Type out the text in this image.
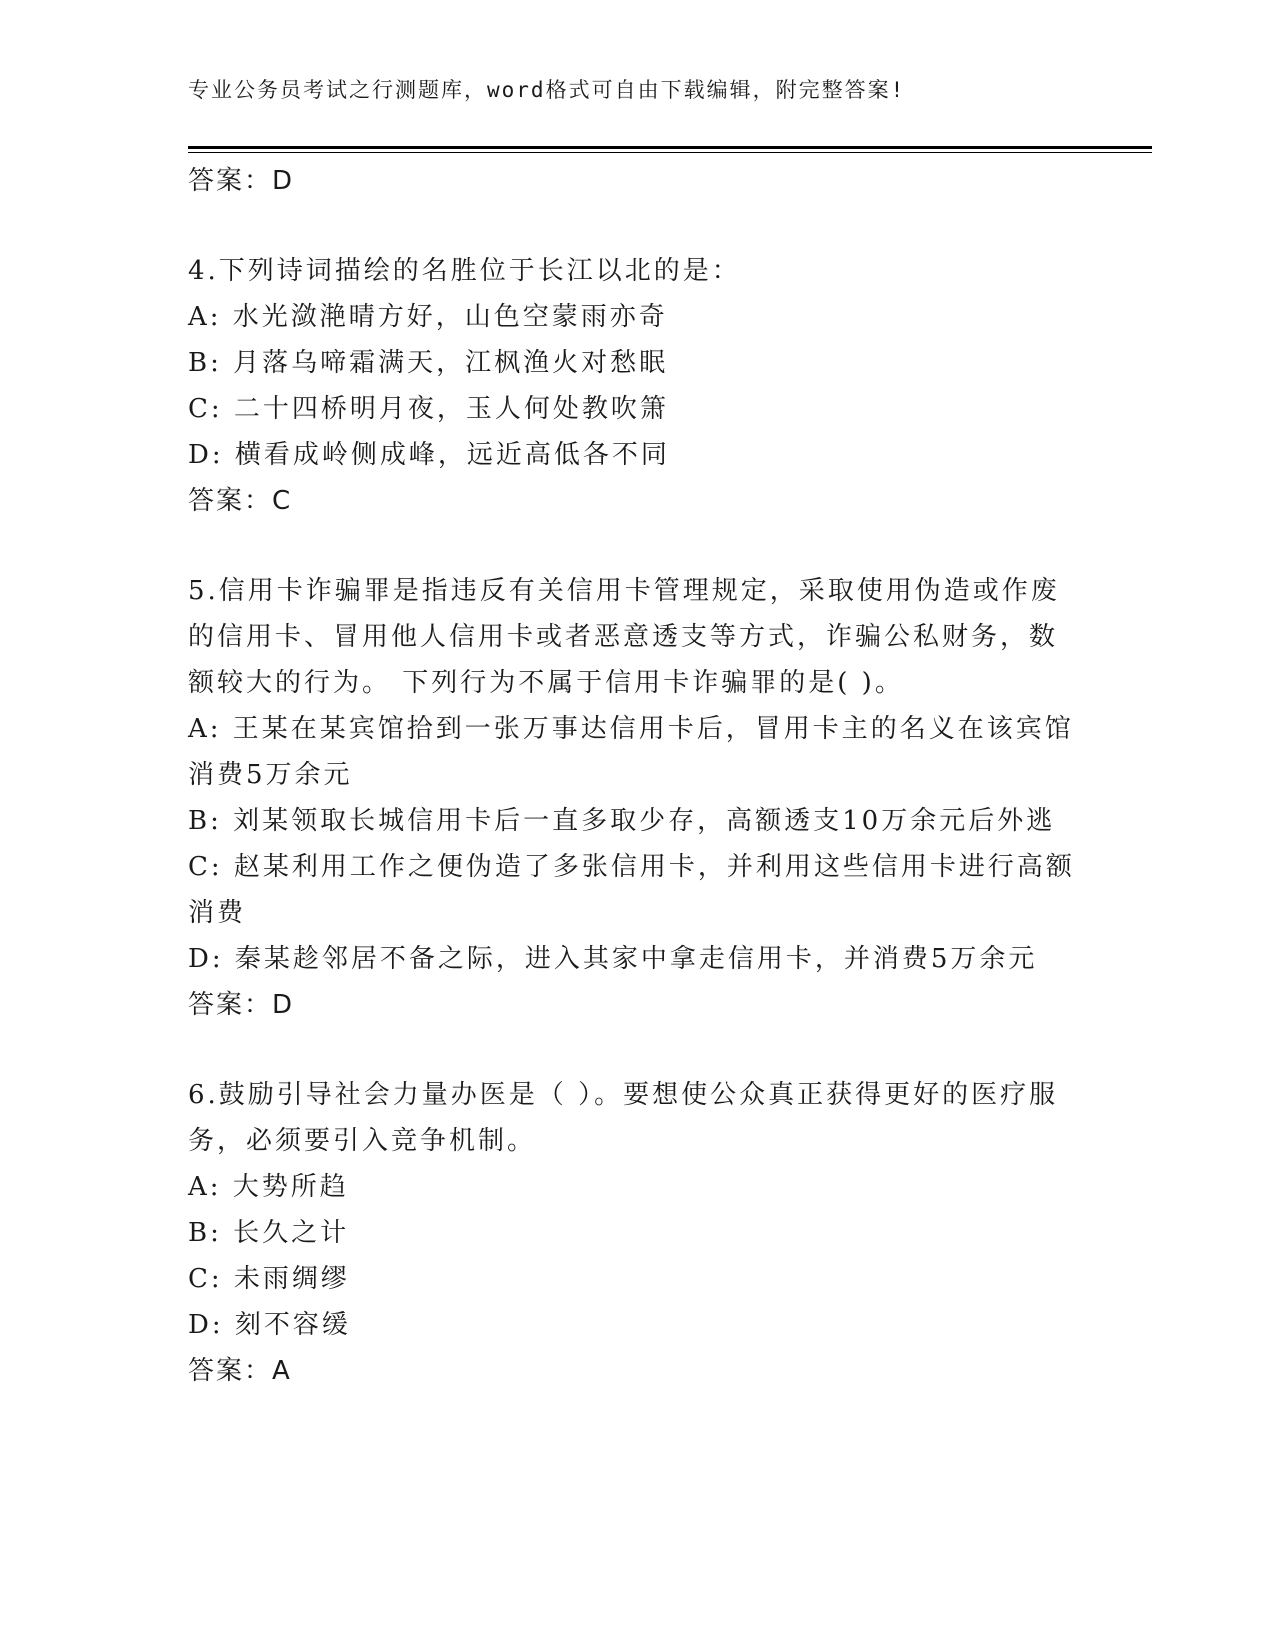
专业公务员考试之行测题库，word格式可自由下载编辑，附完整答案!
答案：D
4.下列诗词描绘的名胜位于长江以北的是：
A: 水光潋滟晴方好，山色空蒙雨亦奇
B: 月落乌啼霜满天，江枫渔火对愁眠
C: 二十四桥明月夜，玉人何处教吹箫
D: 横看成岭侧成峰，远近高低各不同
答案：C
5.信用卡诈骗罪是指违反有关信用卡管理规定，采取使用伪造或作废
的信用卡、冒用他人信用卡或者恶意透支等方式，诈骗公私财务，数
额较大的行为。 下列行为不属于信用卡诈骗罪的是( )。
A: 王某在某宾馆拾到一张万事达信用卡后，冒用卡主的名义在该宾馆
消费5万余元
B: 刘某领取长城信用卡后一直多取少存，高额透支10万余元后外逃
C: 赵某利用工作之便伪造了多张信用卡，并利用这些信用卡进行高额
消费
D: 秦某趁邻居不备之际，进入其家中拿走信用卡，并消费5万余元
答案：D
6.鼓励引导社会力量办医是（ ）。要想使公众真正获得更好的医疗服
务，必须要引入竞争机制。
A: 大势所趋
B: 长久之计
C: 未雨绸缪
D: 刻不容缓
答案：A
